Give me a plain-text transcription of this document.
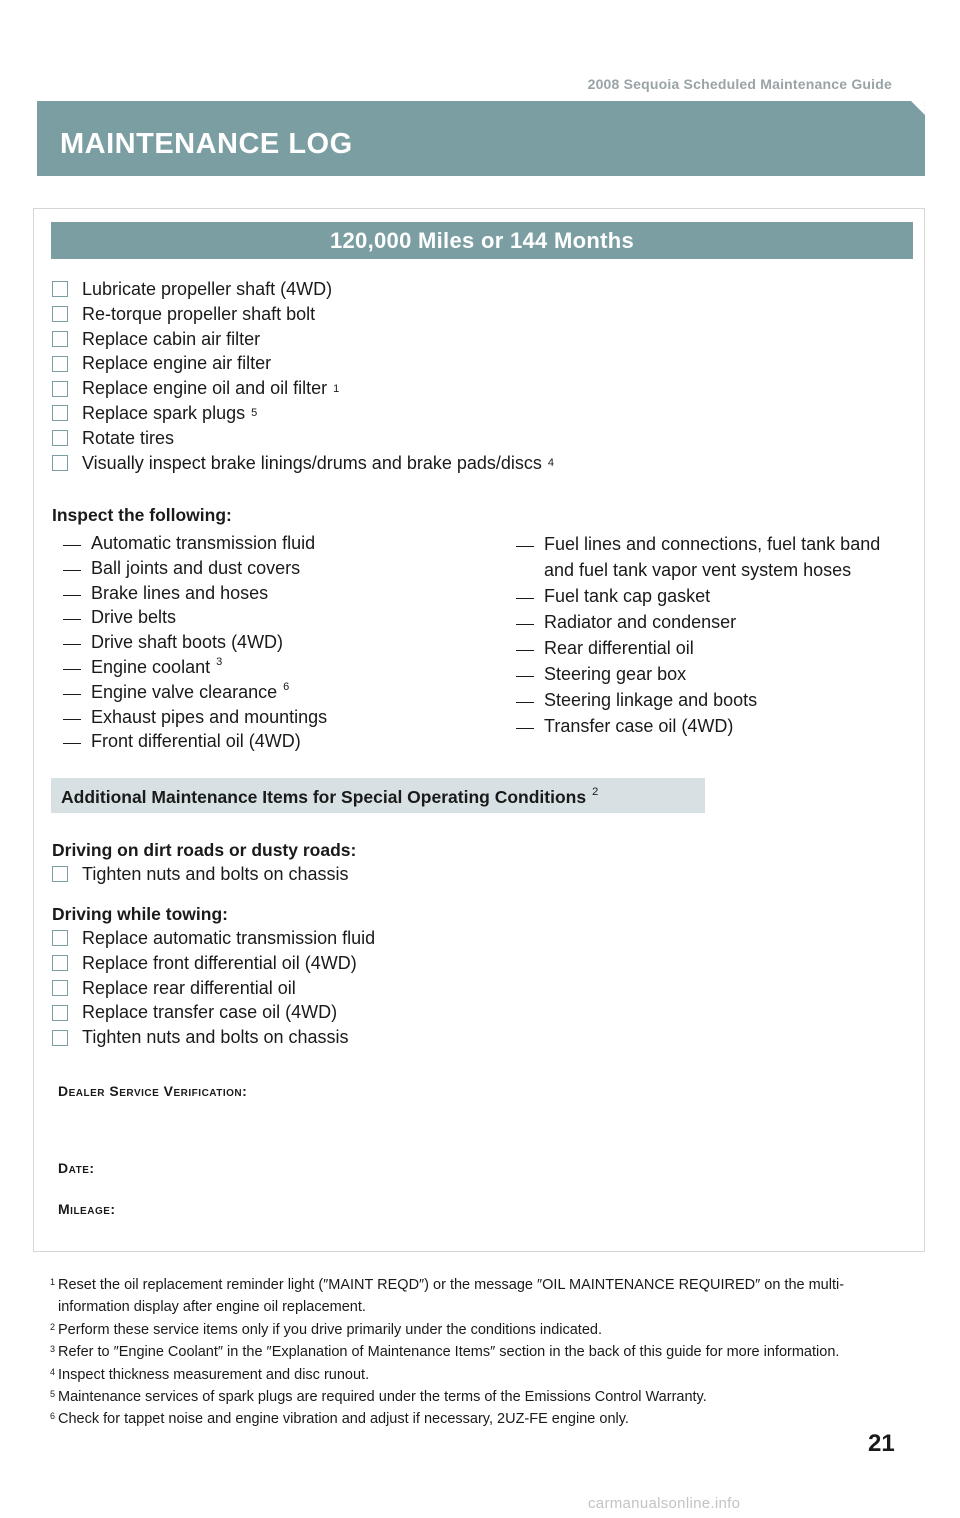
2008 Sequoia Scheduled Maintenance Guide
MAINTENANCE LOG
120,000 Miles or 144 Months
Lubricate propeller shaft (4WD)
Re-torque propeller shaft bolt
Replace cabin air filter
Replace engine air filter
Replace engine oil and oil filter 1
Replace spark plugs 5
Rotate tires
Visually inspect brake linings/drums and brake pads/discs 4
Inspect the following:
Automatic transmission fluid
Ball joints and dust covers
Brake lines and hoses
Drive belts
Drive shaft boots (4WD)
Engine coolant $^3$
Engine valve clearance $^6$
Exhaust pipes and mountings
Front differential oil (4WD)
Fuel lines and connections, fuel tank band
and fuel tank vapor vent system hoses
Fuel tank cap gasket
Radiator and condenser
Rear differential oil
Steering gear box
Steering linkage and boots
Transfer case oil (4WD)
Additional Maintenance Items for Special Operating Conditions $^2$
Driving on dirt roads or dusty roads:
Tighten nuts and bolts on chassis
Driving while towing:
Replace automatic transmission fluid
Replace front differential oil (4WD)
Replace rear differential oil
Replace transfer case oil (4WD)
Tighten nuts and bolts on chassis
Dealer Service Verification:
Date:
Mileage:
1 Reset the oil replacement reminder light (″MAINT REQD″) or the message ″OIL MAINTENANCE REQUIRED″ on the multi-information display after engine oil replacement.
2 Perform these service items only if you drive primarily under the conditions indicated.
3 Refer to ″Engine Coolant″ in the ″Explanation of Maintenance Items″ section in the back of this guide for more information.
4 Inspect thickness measurement and disc runout.
5 Maintenance services of spark plugs are required under the terms of the Emissions Control Warranty.
6 Check for tappet noise and engine vibration and adjust if necessary, 2UZ-FE engine only.
21
carmanualsonline.info
